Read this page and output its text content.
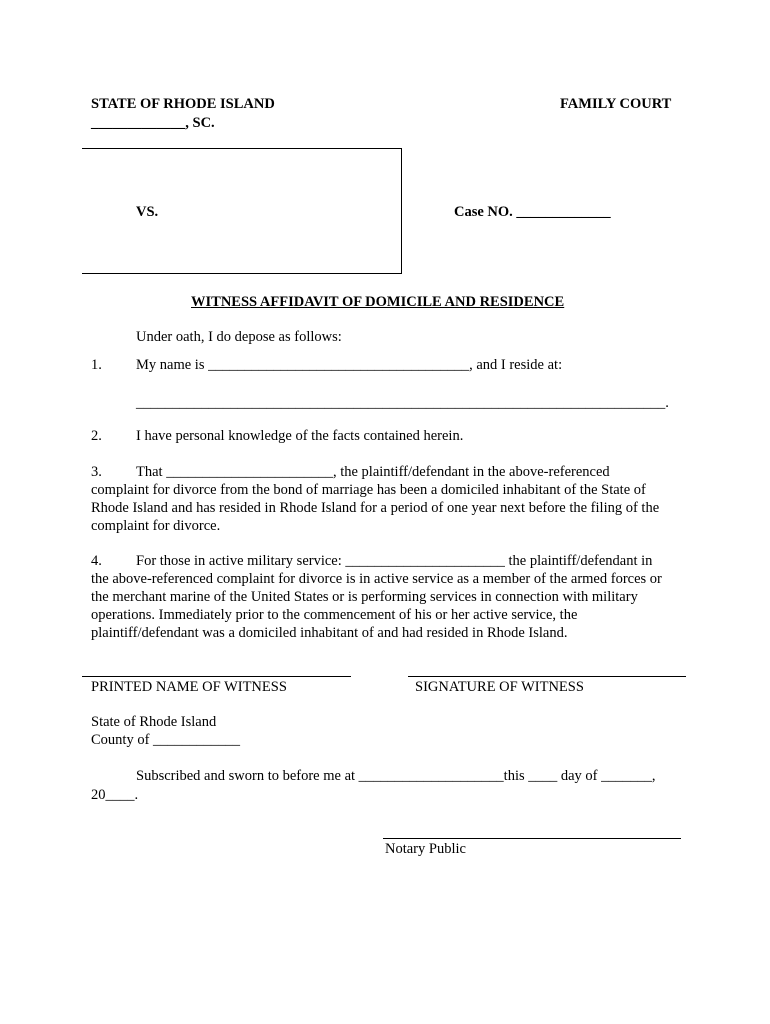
STATE OF RHODE ISLAND	FAMILY COURT
_____________, SC.
VS.	Case NO. _____________
WITNESS AFFIDAVIT OF DOMICILE AND RESIDENCE
Under oath, I do depose as follows:
1. My name is ____________________________________, and I reside at:
_________________________________________________________________________.
2. I have personal knowledge of the facts contained herein.
3. That _______________________, the plaintiff/defendant in the above-referenced
complaint for divorce from the bond of marriage has been a domiciled inhabitant of the State of Rhode Island and has resided in Rhode Island for a period of one year next before the filing of the complaint for divorce.
4. For those in active military service: ______________________ the plaintiff/defendant in
the above-referenced complaint for divorce is in active service as a member of the armed forces or the merchant marine of the United States or is performing services in connection with military operations. Immediately prior to the commencement of his or her active service, the plaintiff/defendant was a domiciled inhabitant of and had resided in Rhode Island.
PRINTED NAME OF WITNESS	SIGNATURE OF WITNESS
State of Rhode Island
County of ____________
Subscribed and sworn to before me at ____________________this ____ day of _______,
20____.
Notary Public
